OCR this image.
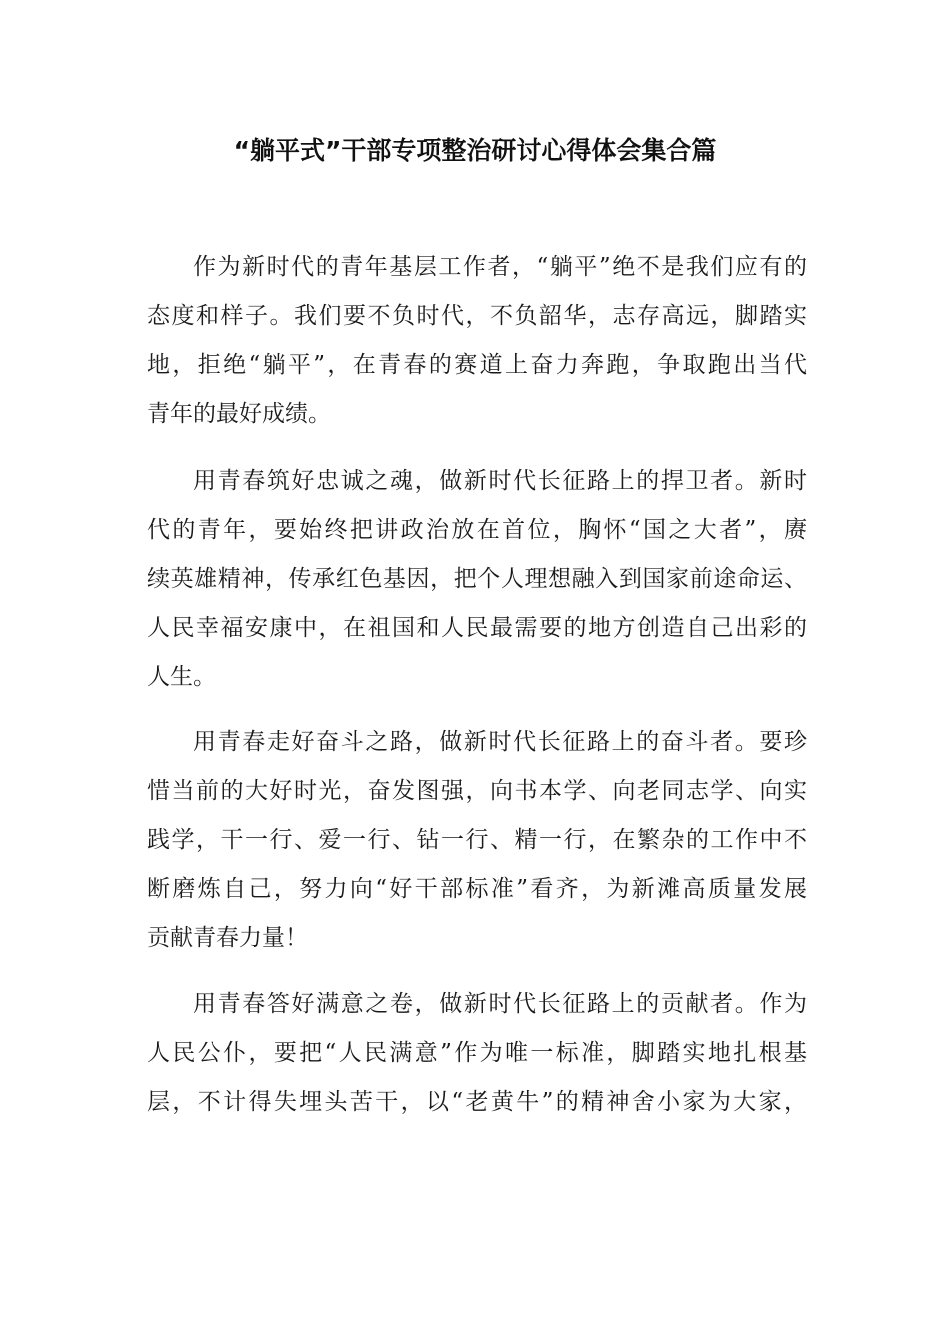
“躺平式”干部专项整治研讨心得体会集合篇
作为新时代的青年基层工作者，“躺平”绝不是我们应有的
态度和样子。我们要不负时代，不负韶华，志存高远，脚踏实
地，拒绝“躺平”，在青春的赛道上奋力奔跑，争取跑出当代
青年的最好成绩。
用青春筑好忠诚之魂，做新时代长征路上的捍卫者。新时
代的青年，要始终把讲政治放在首位，胸怀“国之大者”，赓
续英雄精神，传承红色基因，把个人理想融入到国家前途命运、
人民幸福安康中，在祖国和人民最需要的地方创造自己出彩的
人生。
用青春走好奋斗之路，做新时代长征路上的奋斗者。要珍
惜当前的大好时光，奋发图强，向书本学、向老同志学、向实
践学，干一行、爱一行、钻一行、精一行，在繁杂的工作中不
断磨炼自己，努力向“好干部标准”看齐，为新滩高质量发展
贡献青春力量！
用青春答好满意之卷，做新时代长征路上的贡献者。作为
人民公仆，要把“人民满意”作为唯一标准，脚踏实地扎根基
层，不计得失埋头苦干，以“老黄牛”的精神舍小家为大家，
